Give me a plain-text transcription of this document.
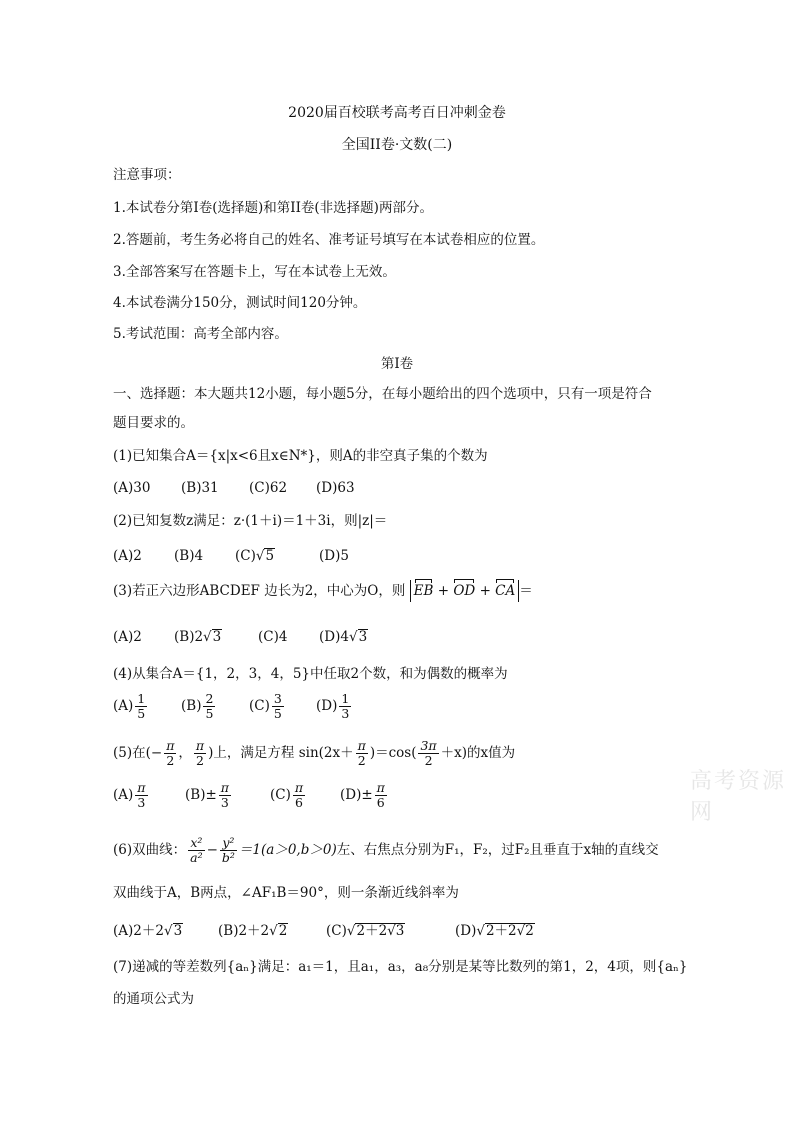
2020届百校联考高考百日冲刺金卷
全国II卷·文数(二)
注意事项：
1.本试卷分第I卷(选择题)和第II卷(非选择题)两部分。
2.答题前，考生务必将自己的姓名、准考证号填写在本试卷相应的位置。
3.全部答案写在答题卡上，写在本试卷上无效。
4.本试卷满分150分，测试时间120分钟。
5.考试范围：高考全部内容。
第I卷
一、选择题：本大题共12小题，每小题5分，在每小题给出的四个选项中，只有一项是符合
题目要求的。
(1)已知集合A＝{x|x<6且x∈N*}，则A的非空真子集的个数为
(A)30 (B)31 (C)62 (D)63
(2)已知复数z满足：z·(1＋i)＝1＋3i，则|z|＝
(A)2 (B)4 (C)√5	(D)5
(3)若正六边形ABCDEF 边长为2，中心为O，则 EB + OD + CA ＝
(A)2 (B)2√3	(C)4 (D)4√3
(4)从集合A＝{1，2，3，4，5}中任取2个数，和为偶数的概率为
$(A) \frac{1}{5}$	$(B) \frac{2}{5} (C) \frac{3}{5} (D) \frac{1}{3}$
(5)在(− $\frac{\pi}{2}$ ， $\frac{\pi}{2}$ )上，满足方程 $\sin(2x+ \frac{\pi}{2} )=\cos( \frac{3\pi}{2} +x)$的x值为
$(A) \frac{\pi}{3}$	$(B)\pm \frac{\pi}{3}$	$(C) \frac{\pi}{6}$	$(D)\pm \frac{\pi}{6}$
(6)双曲线： $\frac{\text{x²}}{\text{a²}} - \frac{\text{y²}}{\text{b²}} =1(a>0,b>0)$左、右焦点分别为F₁，F₂，过F₂且垂直于x轴的直线交
双曲线于A，B两点，∠AF₁B＝90°，则一条渐近线斜率为
(A)2＋2√3	(B)2＋2√2	(C)√2＋2√3	(D)√2＋2√2
(7)递减的等差数列{aₙ}满足：a₁＝1，且a₁，a₃，a₈分别是某等比数列的第1，2，4项，则{aₙ}
的通项公式为
高考资源网
